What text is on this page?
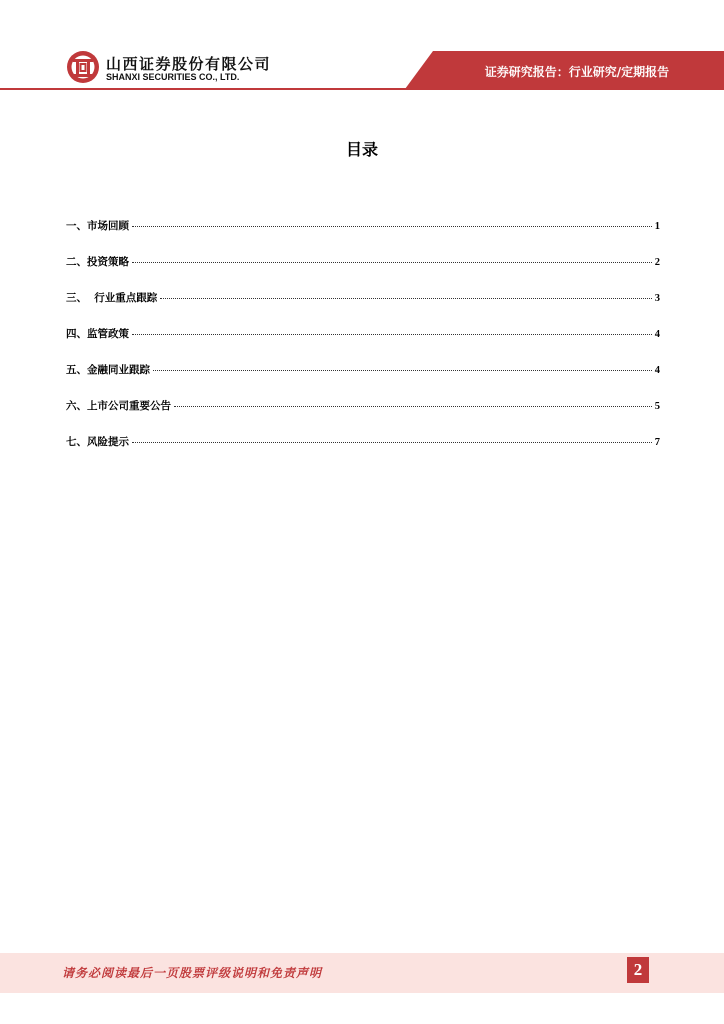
山西证券股份有限公司
SHANXI SECURITIES CO., LTD.	证券研究报告：行业研究/定期报告
目录
一、市场回顾	1
二、投资策略	2
三、  行业重点跟踪	3
四、监管政策	4
五、金融同业跟踪	4
六、上市公司重要公告	5
七、风险提示	7
请务必阅读最后一页股票评级说明和免责声明	2
